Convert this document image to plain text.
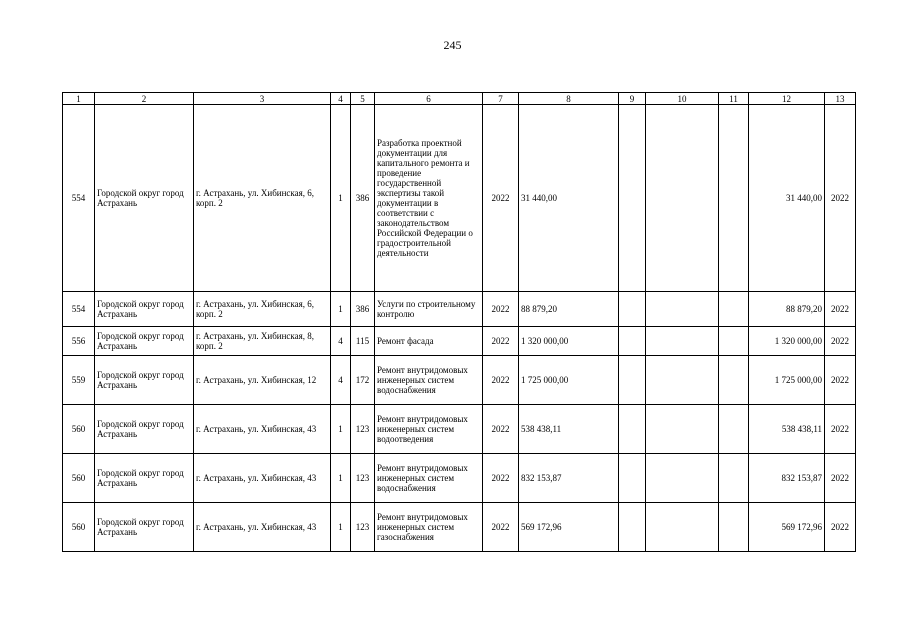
245
1	2	3	4	5	6	7	8	9	10	11	12	13
554	Городской округ город Астрахань	г. Астрахань, ул. Хибинская, 6, корп. 2	1	386	Разработка проектной документации для капитального ремонта и проведение государственной экспертизы такой документации в соответствии с законодательством Российской Федерации о градостроительной деятельности	2022	31 440,00				31 440,00	2022
554	Городской округ город Астрахань	г. Астрахань, ул. Хибинская, 6, корп. 2	1	386	Услуги по строительному контролю	2022	88 879,20				88 879,20	2022
556	Городской округ город Астрахань	г. Астрахань, ул. Хибинская, 8, корп. 2	4	115	Ремонт фасада	2022	1 320 000,00				1 320 000,00	2022
559	Городской округ город Астрахань	г. Астрахань, ул. Хибинская, 12	4	172	Ремонт внутридомовых инженерных систем водоснабжения	2022	1 725 000,00				1 725 000,00	2022
560	Городской округ город Астрахань	г. Астрахань, ул. Хибинская, 43	1	123	Ремонт внутридомовых инженерных систем водоотведения	2022	538 438,11				538 438,11	2022
560	Городской округ город Астрахань	г. Астрахань, ул. Хибинская, 43	1	123	Ремонт внутридомовых инженерных систем водоснабжения	2022	832 153,87				832 153,87	2022
560	Городской округ город Астрахань	г. Астрахань, ул. Хибинская, 43	1	123	Ремонт внутридомовых инженерных систем газоснабжения	2022	569 172,96				569 172,96	2022
